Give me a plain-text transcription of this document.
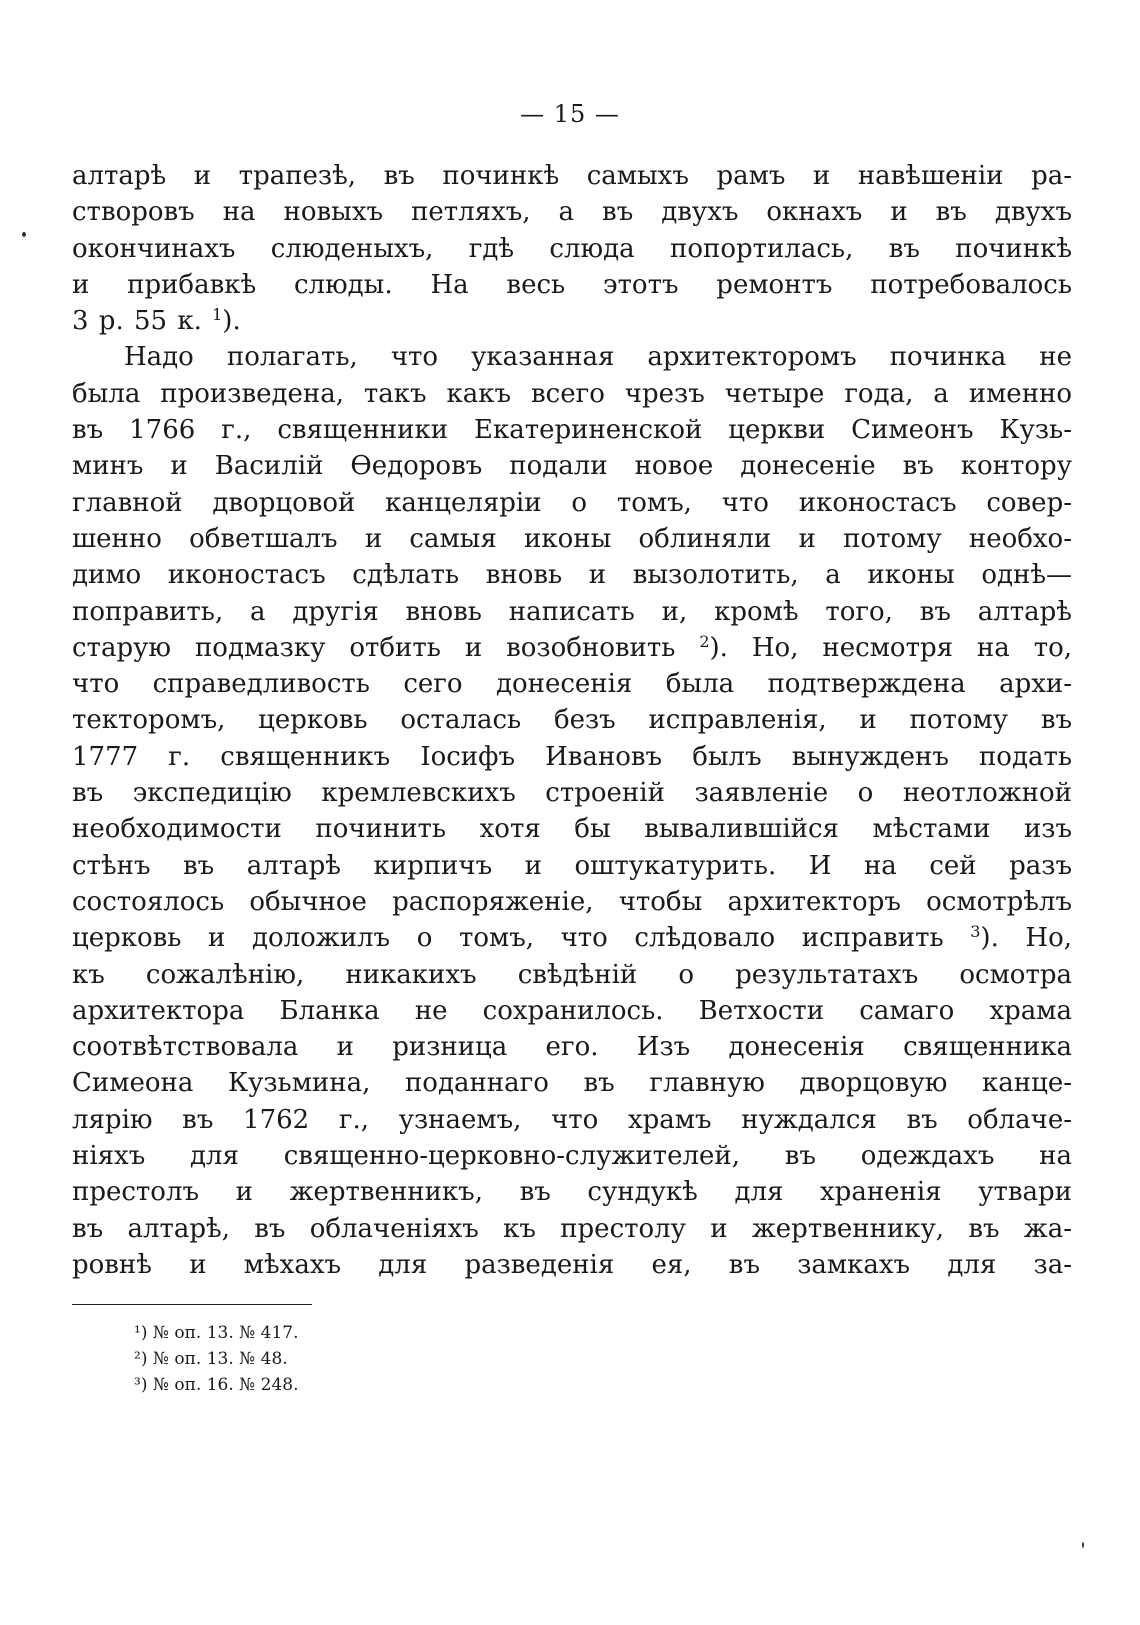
— 15 —
алтарѣ и трапезѣ, въ починкѣ самыхъ рамъ и навѣшеніи ра-
створовъ на новыхъ петляхъ, а въ двухъ окнахъ и въ двухъ
окончинахъ слюденыхъ, гдѣ слюда попортилась, въ починкѣ
и прибавкѣ слюды. На весь этотъ ремонтъ потребовалось
3 р. 55 к. $^1$).
Надо полагать, что указанная архитекторомъ починка не
была произведена, такъ какъ всего чрезъ четыре года, а именно
въ 1766 г., священники Екатериненской церкви Симеонъ Кузь-
минъ и Василій Ѳедоровъ подали новое донесеніе въ контору
главной дворцовой канцеляріи о томъ, что иконостасъ совер-
шенно обветшалъ и самыя иконы облиняли и потому необхо-
димо иконостасъ сдѣлать вновь и вызолотить, а иконы однѣ—
поправить, а другія вновь написать и, кромѣ того, въ алтарѣ
старую подмазку отбить и возобновить $^2$). Но, несмотря на то,
что справедливость сего донесенія была подтверждена архи-
текторомъ, церковь осталась безъ исправленія, и потому въ
1777 г. священникъ Іосифъ Ивановъ былъ вынужденъ подать
въ экспедицію кремлевскихъ строеній заявленіе о неотложной
необходимости починить хотя бы вывалившійся мѣстами изъ
стѣнъ въ алтарѣ кирпичъ и оштукатурить. И на сей разъ
состоялось обычное распоряженіе, чтобы архитекторъ осмотрѣлъ
церковь и доложилъ о томъ, что слѣдовало исправить $^3$). Но,
къ сожалѣнію, никакихъ свѣдѣній о результатахъ осмотра
архитектора Бланка не сохранилось. Ветхости самаго храма
соотвѣтствовала и ризница его. Изъ донесенія священника
Симеона Кузьмина, поданнаго въ главную дворцовую канце-
лярію въ 1762 г., узнаемъ, что храмъ нуждался въ облаче-
ніяхъ для священно-церковно-служителей, въ одеждахъ на
престолъ и жертвенникъ, въ сундукѣ для храненія утвари
въ алтарѣ, въ облаченіяхъ къ престолу и жертвеннику, въ жа-
ровнѣ и мѣхахъ для разведенія ея, въ замкахъ для за-
¹) № оп. 13. № 417.
²) № оп. 13. № 48.
³) № оп. 16. № 248.
